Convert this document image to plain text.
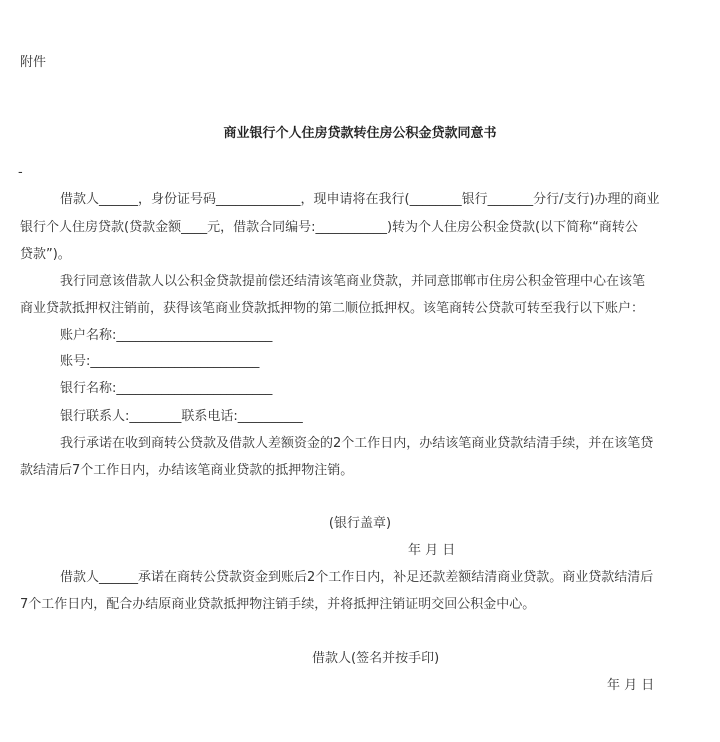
附件
商业银行个人住房贷款转住房公积金贷款同意书
-
借款人______，身份证号码_____________，现申请将在我行(________银行_______分行/支行)办理的商业
银行个人住房贷款(贷款金额____元，借款合同编号:___________)转为个人住房公积金贷款(以下简称“商转公
贷款”)。
我行同意该借款人以公积金贷款提前偿还结清该笔商业贷款，并同意邯郸市住房公积金管理中心在该笔
商业贷款抵押权注销前，获得该笔商业贷款抵押物的第二顺位抵押权。该笔商转公贷款可转至我行以下账户：
账户名称:________________________
账号:__________________________
银行名称:________________________
银行联系人:________联系电话:__________
我行承诺在收到商转公贷款及借款人差额资金的2个工作日内，办结该笔商业贷款结清手续，并在该笔贷
款结清后7个工作日内，办结该笔商业贷款的抵押物注销。
(银行盖章)
年 月 日
借款人______承诺在商转公贷款资金到账后2个工作日内，补足还款差额结清商业贷款。商业贷款结清后
7个工作日内，配合办结原商业贷款抵押物注销手续，并将抵押注销证明交回公积金中心。
借款人(签名并按手印)
年 月 日
